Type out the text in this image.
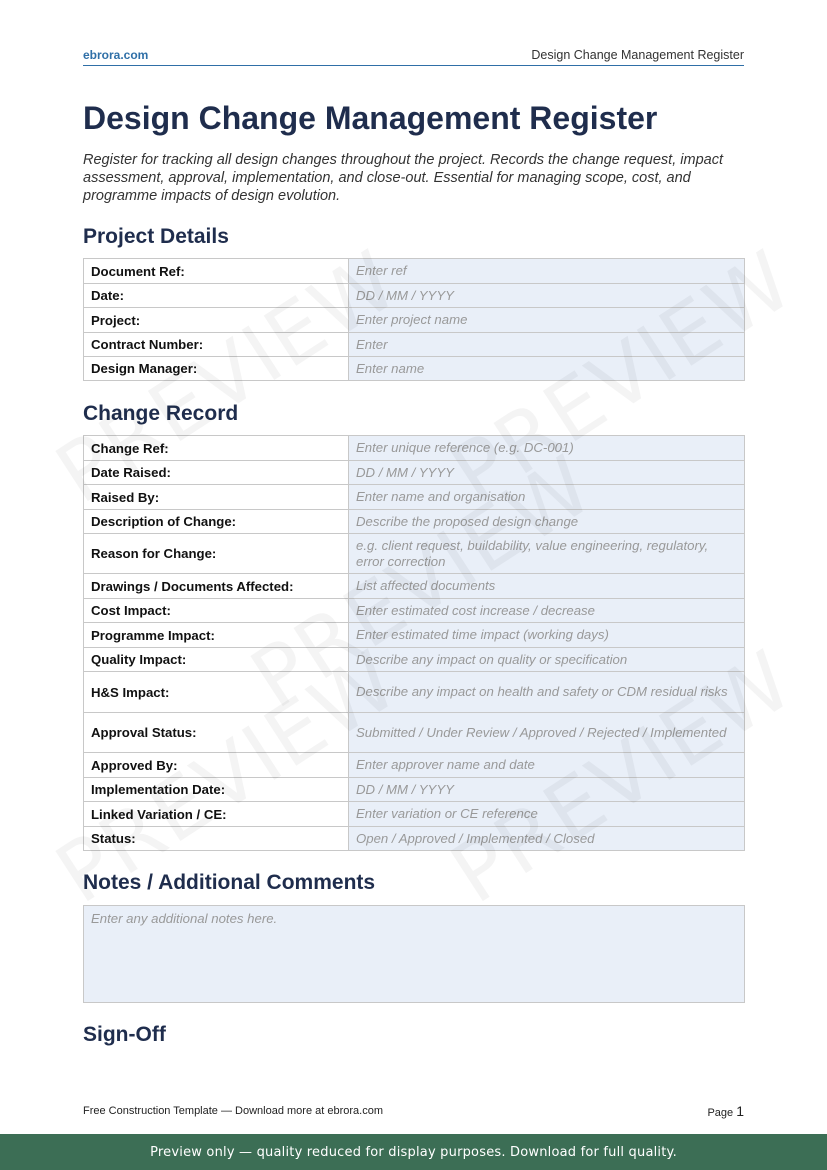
ebrora.com	Design Change Management Register
Design Change Management Register
Register for tracking all design changes throughout the project. Records the change request, impact assessment, approval, implementation, and close-out. Essential for managing scope, cost, and programme impacts of design evolution.
Project Details
Document Ref:	Enter ref
Date:	DD / MM / YYYY
Project:	Enter project name
Contract Number:	Enter
Design Manager:	Enter name
Change Record
Change Ref:	Enter unique reference (e.g. DC-001)
Date Raised:	DD / MM / YYYY
Raised By:	Enter name and organisation
Description of Change:	Describe the proposed design change
Reason for Change:	e.g. client request, buildability, value engineering, regulatory, error correction
Drawings / Documents Affected:	List affected documents
Cost Impact:	Enter estimated cost increase / decrease
Programme Impact:	Enter estimated time impact (working days)
Quality Impact:	Describe any impact on quality or specification
H&S Impact:	Describe any impact on health and safety or CDM residual risks
Approval Status:	Submitted / Under Review / Approved / Rejected / Implemented
Approved By:	Enter approver name and date
Implementation Date:	DD / MM / YYYY
Linked Variation / CE:	Enter variation or CE reference
Status:	Open / Approved / Implemented / Closed
Notes / Additional Comments
Enter any additional notes here.
Sign-Off
Free Construction Template — Download more at ebrora.com	Page 1
Preview only — quality reduced for display purposes. Download for full quality.
